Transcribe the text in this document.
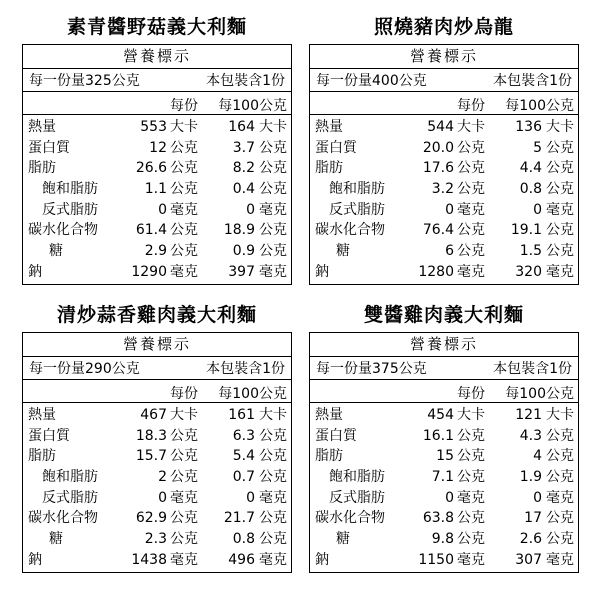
素青醬野菇義大利麵
營養標示
每一份量325公克	本包裝含1份
每份 每100公克
熱量	553 大卡 164 大卡
蛋白質	12 公克 3.7 公克
脂肪	26.6 公克 8.2 公克
飽和脂肪	1.1 公克 0.4 公克
反式脂肪	0 毫克	0 毫克
碳水化合物	61.4 公克 18.9 公克
糖	2.9 公克 0.9 公克
鈉	1290 毫克 397 毫克
照燒豬肉炒烏龍
營養標示
每一份量400公克	本包裝含1份
每份 每100公克
熱量	544 大卡 136 大卡
蛋白質	20.0 公克	5 公克
脂肪	17.6 公克 4.4 公克
飽和脂肪	3.2 公克 0.8 公克
反式脂肪	0 毫克	0 毫克
碳水化合物	76.4 公克 19.1 公克
糖	6 公克 1.5 公克
鈉	1280 毫克 320 毫克
清炒蒜香雞肉義大利麵
營養標示
每一份量290公克	本包裝含1份
每份 每100公克
熱量	467 大卡 161 大卡
蛋白質	18.3 公克 6.3 公克
脂肪	15.7 公克 5.4 公克
飽和脂肪	2 公克 0.7 公克
反式脂肪	0 毫克	0 毫克
碳水化合物	62.9 公克 21.7 公克
糖	2.3 公克 0.8 公克
鈉	1438 毫克 496 毫克
雙醬雞肉義大利麵
營養標示
每一份量375公克	本包裝含1份
每份 每100公克
熱量	454 大卡 121 大卡
蛋白質	16.1 公克 4.3 公克
脂肪	15 公克	4 公克
飽和脂肪	7.1 公克 1.9 公克
反式脂肪	0 毫克	0 毫克
碳水化合物	63.8 公克	17 公克
糖	9.8 公克 2.6 公克
鈉	1150 毫克 307 毫克
